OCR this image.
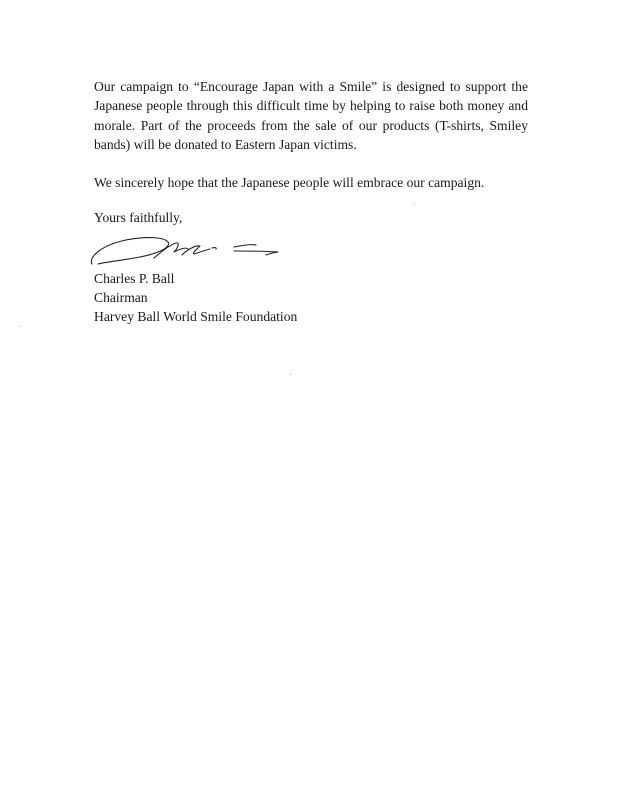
Our campaign to “Encourage Japan with a Smile” is designed to support the Japanese people through this difficult time by helping to raise both money and morale. Part of the proceeds from the sale of our products (T-shirts, Smiley bands) will be donated to Eastern Japan victims.

We sincerely hope that the Japanese people will embrace our campaign.

Yours faithfully,
Charles P. Ball
Chairman
Harvey Ball World Smile Foundation
